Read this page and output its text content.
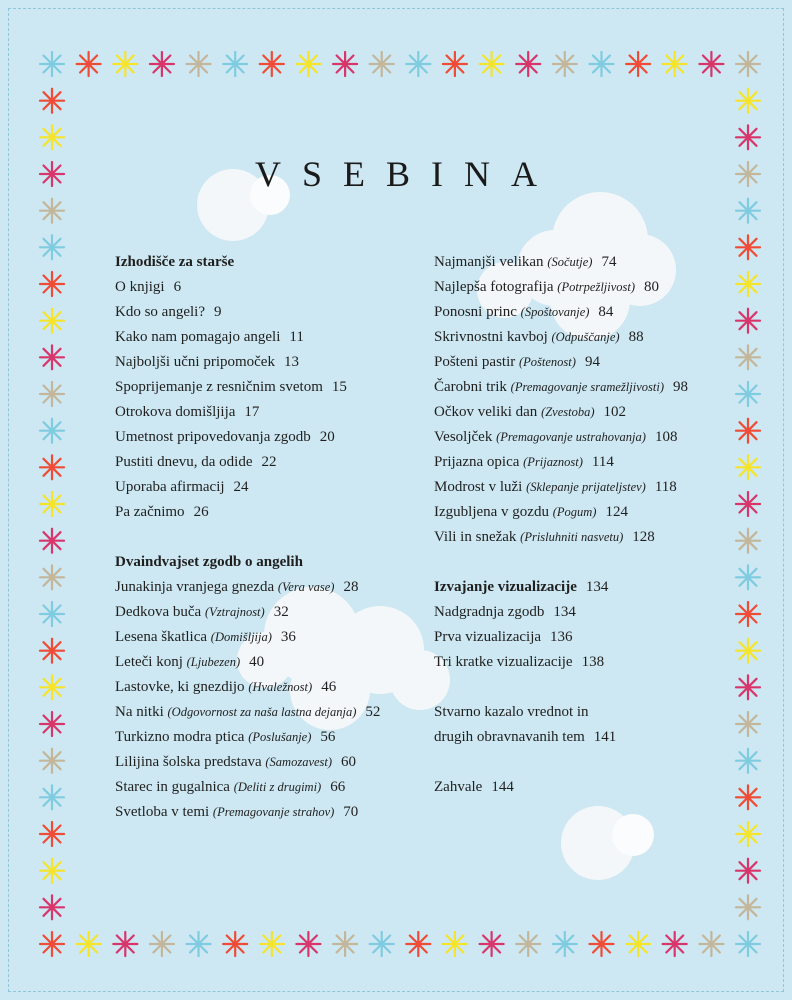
VSEBINA
Izhodišče za starše
O knjigi 6
Kdo so angeli? 9
Kako nam pomagajo angeli 11
Najboljši učni pripomoček 13
Spoprijemanje z resničnim svetom 15
Otrokova domišljija 17
Umetnost pripovedovanja zgodb 20
Pustiti dnevu, da odide 22
Uporaba afirmacij 24
Pa začnimo 26
Dvaindvajset zgodb o angelih
Junakinja vranjega gnezda (Vera vase) 28
Dedkova buča (Vztrajnost) 32
Lesena škatlica (Domišljija) 36
Leteči konj (Ljubezen) 40
Lastovke, ki gnezdijo (Hvaležnost) 46
Na nitki (Odgovornost za naša lastna dejanja) 52
Turkizno modra ptica (Poslušanje) 56
Lilijina šolska predstava (Samozavest) 60
Starec in gugalnica (Deliti z drugimi) 66
Svetloba v temi (Premagovanje strahov) 70
Najmanjši velikan (Sočutje) 74
Najlepša fotografija (Potrpežljivost) 80
Ponosni princ (Spoštovanje) 84
Skrivnostni kavboj (Odpuščanje) 88
Pošteni pastir (Poštenost) 94
Čarobni trik (Premagovanje sramežljivosti) 98
Očkov veliki dan (Zvestoba) 102
Vesoljček (Premagovanje ustrahovanja) 108
Prijazna opica (Prijaznost) 114
Modrost v luži (Sklepanje prijateljstev) 118
Izgubljena v gozdu (Pogum) 124
Vili in snežak (Prisluhniti nasvetu) 128
Izvajanje vizualizacije 134
Nadgradnja zgodb 134
Prva vizualizacija 136
Tri kratke vizualizacije 138
Stvarno kazalo vrednot in
drugih obravnavanih tem 141
Zahvale 144
